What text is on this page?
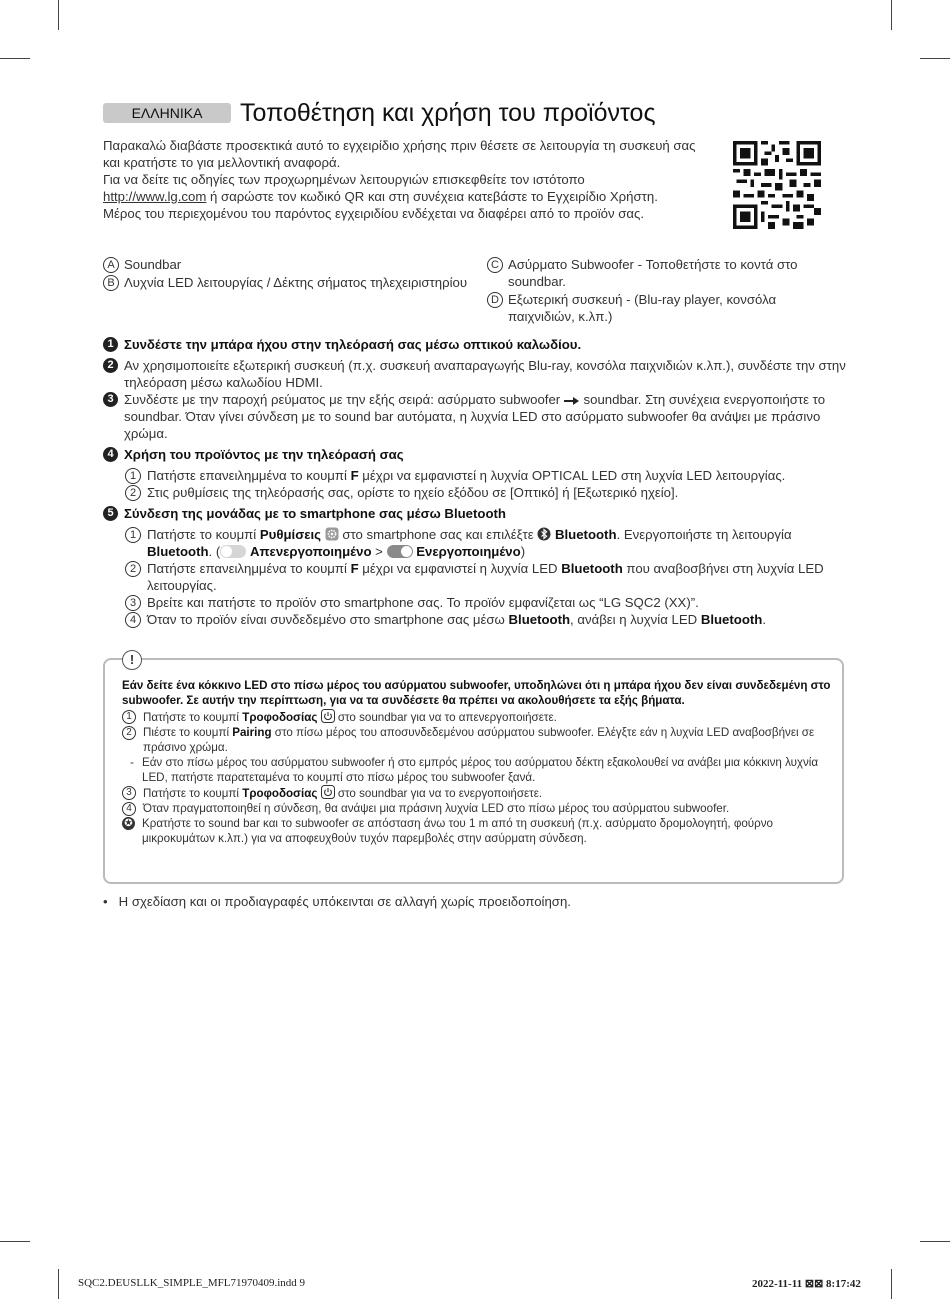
ΕΛΛΗΝΙΚΑ	Τοποθέτηση και χρήση του προϊόντος

Παρακαλώ διαβάστε προσεκτικά αυτό το εγχειρίδιο χρήσης πριν θέσετε σε λειτουργία τη συσκευή σας και κρατήστε το για μελλοντική αναφορά.

Για να δείτε τις οδηγίες των προχωρημένων λειτουργιών επισκεφθείτε τον ιστότοπο

http://www.lg.com ή σαρώστε τον κωδικό QR και στη συνέχεια κατεβάστε το Εγχειρίδιο Χρήστη.

Μέρος του περιεχομένου του παρόντος εγχειριδίου ενδέχεται να διαφέρει από το προϊόν σας.

A Soundbar
B Λυχνία LED λειτουργίας / Δέκτης σήματος τηλεχειριστηρίου
C Ασύρματο Subwoofer - Τοποθετήστε το κοντά στο soundbar.
D Εξωτερική συσκευή - (Blu-ray player, κονσόλα παιχνιδιών, κ.λπ.)
1 Συνδέστε την μπάρα ήχου στην τηλεόρασή σας μέσω οπτικού καλωδίου.
2 Αν χρησιμοποιείτε εξωτερική συσκευή (π.χ. συσκευή αναπαραγωγής Blu-ray, κονσόλα παιχνιδιών κ.λπ.), συνδέστε την στην τηλεόραση μέσω καλωδίου HDMI.
3 Συνδέστε με την παροχή ρεύματος με την εξής σειρά: ασύρματο subwoofer  soundbar. Στη συνέχεια ενεργοποιήστε το soundbar. Όταν γίνει σύνδεση με το sound bar αυτόματα, η λυχνία LED στο ασύρματο subwoofer θα ανάψει με πράσινο χρώμα.
4 Χρήση του προϊόντος με την τηλεόρασή σας
1 Πατήστε επανειλημμένα το κουμπί F μέχρι να εμφανιστεί η λυχνία OPTICAL LED στη λυχνία LED λειτουργίας.
2 Στις ρυθμίσεις της τηλεόρασής σας, ορίστε το ηχείο εξόδου σε [Οπτικό] ή [Εξωτερικό ηχείο].
5 Σύνδεση της μονάδας με το smartphone σας μέσω Bluetooth
1 Πατήστε το κουμπί Ρυθμίσεις  στο smartphone σας και επιλέξτε  Bluetooth. Ενεργοποιήστε τη λειτουργία Bluetooth. ( Απενεργοποιημένο >  Ενεργοποιημένο)
2 Πατήστε επανειλημμένα το κουμπί F μέχρι να εμφανιστεί η λυχνία LED Bluetooth που αναβοσβήνει στη λυχνία LED λειτουργίας.
3 Βρείτε και πατήστε το προϊόν στο smartphone σας. Το προϊόν εμφανίζεται ως “LG SQC2 (XX)”.
4 Όταν το προϊόν είναι συνδεδεμένο στο smartphone σας μέσω Bluetooth, ανάβει η λυχνία LED Bluetooth.
!

Εάν δείτε ένα κόκκινο LED στο πίσω μέρος του ασύρματου subwoofer, υποδηλώνει ότι η μπάρα ήχου δεν είναι συνδεδεμένη στο subwoofer. Σε αυτήν την περίπτωση, για να τα συνδέσετε θα πρέπει να ακολουθήσετε τα εξής βήματα.

1 Πατήστε το κουμπί Τροφοδοσίας  στο soundbar για να το απενεργοποιήσετε.
2 Πιέστε το κουμπί Pairing στο πίσω μέρος του αποσυνδεδεμένου ασύρματου subwoofer. Ελέγξτε εάν η λυχνία LED αναβοσβήνει σε πράσινο χρώμα.
- Εάν στο πίσω μέρος του ασύρματου subwoofer ή στο εμπρός μέρος του ασύρματου δέκτη εξακολουθεί να ανάβει μια κόκκινη λυχνία LED, πατήστε παρατεταμένα το κουμπί στο πίσω μέρος του subwoofer ξανά.
3 Πατήστε το κουμπί Τροφοδοσίας  στο soundbar για να το ενεργοποιήσετε.
4 Όταν πραγματοποιηθεί η σύνδεση, θα ανάψει μια πράσινη λυχνία LED στο πίσω μέρος του ασύρματου subwoofer.
✪ Κρατήστε το sound bar και το subwoofer σε απόσταση άνω του 1 m από τη συσκευή (π.χ. ασύρματο δρομολογητή, φούρνο μικροκυμάτων κ.λπ.) για να αποφευχθούν τυχόν παρεμβολές στην ασύρματη σύνδεση.
• Η σχεδίαση και οι προδιαγραφές υπόκεινται σε αλλαγή χωρίς προειδοποίηση.
SQC2.DEUSLLK_SIMPLE_MFL71970409.indd 9	2022-11-11 ⊠⊠ 8:17:42
